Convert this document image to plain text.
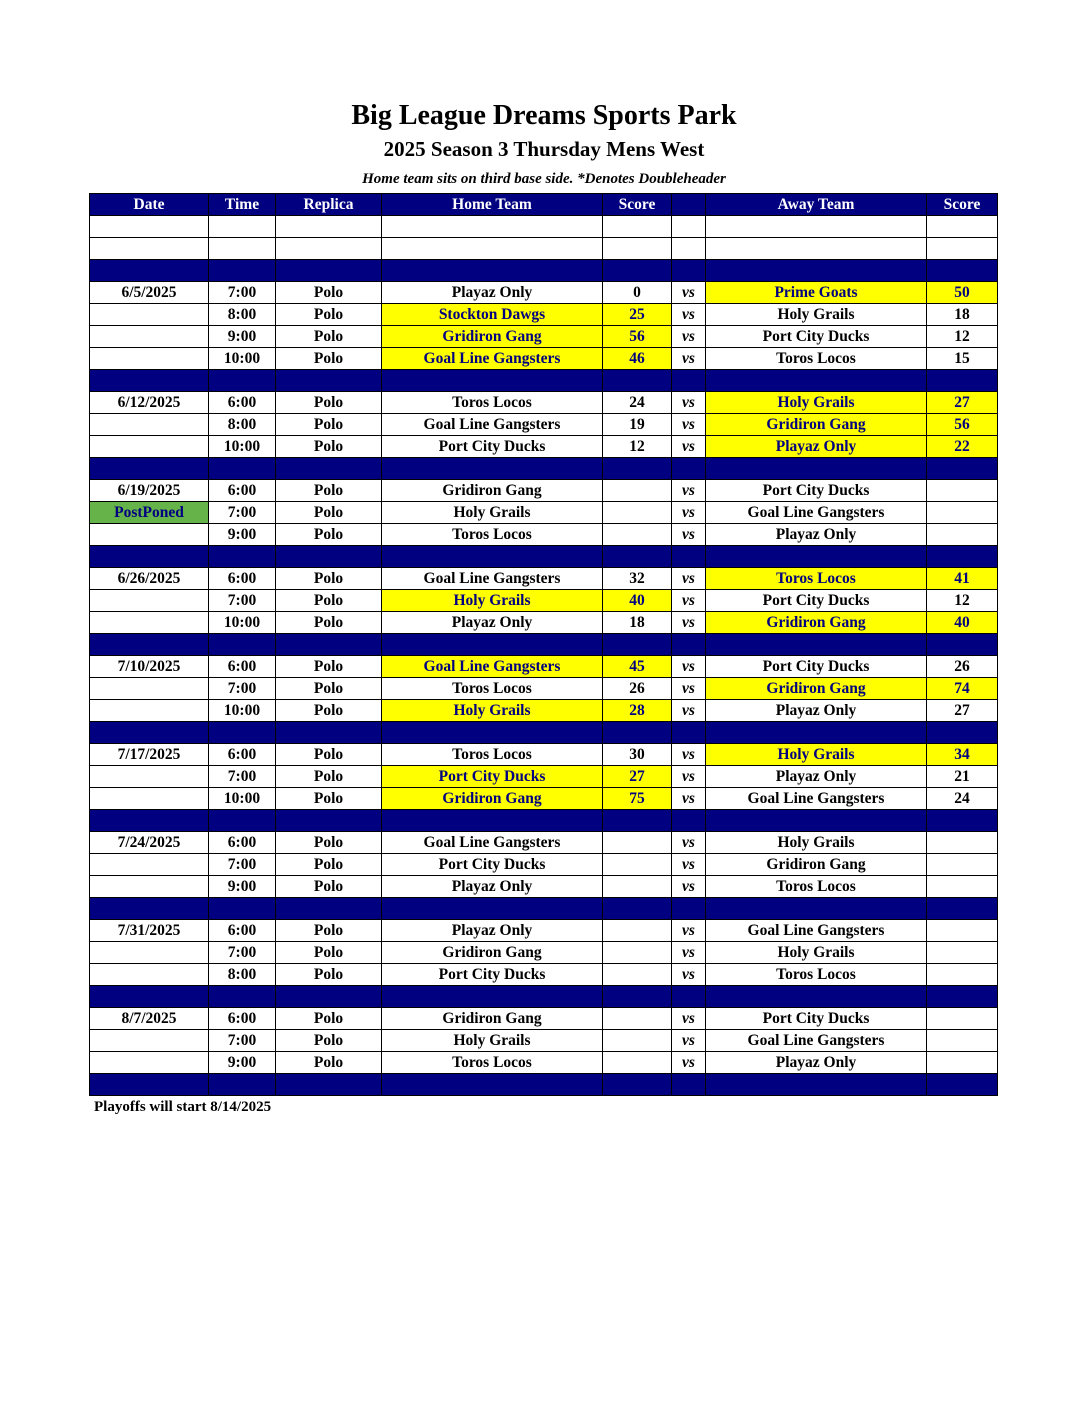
Big League Dreams Sports Park
2025 Season 3 Thursday Mens West
Home team sits on third base side. *Denotes Doubleheader
Date	Time	Replica	Home Team	Score		Away Team	Score

6/5/2025	7:00	Polo	Playaz Only	0	vs	Prime Goats	50
	8:00	Polo	Stockton Dawgs	25	vs	Holy Grails	18
	9:00	Polo	Gridiron Gang	56	vs	Port City Ducks	12
	10:00	Polo	Goal Line Gangsters	46	vs	Toros Locos	15

6/12/2025	6:00	Polo	Toros Locos	24	vs	Holy Grails	27
	8:00	Polo	Goal Line Gangsters	19	vs	Gridiron Gang	56
	10:00	Polo	Port City Ducks	12	vs	Playaz Only	22

6/19/2025	6:00	Polo	Gridiron Gang		vs	Port City Ducks	
PostPoned	7:00	Polo	Holy Grails		vs	Goal Line Gangsters	
	9:00	Polo	Toros Locos		vs	Playaz Only	

6/26/2025	6:00	Polo	Goal Line Gangsters	32	vs	Toros Locos	41
	7:00	Polo	Holy Grails	40	vs	Port City Ducks	12
	10:00	Polo	Playaz Only	18	vs	Gridiron Gang	40

7/10/2025	6:00	Polo	Goal Line Gangsters	45	vs	Port City Ducks	26
	7:00	Polo	Toros Locos	26	vs	Gridiron Gang	74
	10:00	Polo	Holy Grails	28	vs	Playaz Only	27

7/17/2025	6:00	Polo	Toros Locos	30	vs	Holy Grails	34
	7:00	Polo	Port City Ducks	27	vs	Playaz Only	21
	10:00	Polo	Gridiron Gang	75	vs	Goal Line Gangsters	24

7/24/2025	6:00	Polo	Goal Line Gangsters		vs	Holy Grails	
	7:00	Polo	Port City Ducks		vs	Gridiron Gang	
	9:00	Polo	Playaz Only		vs	Toros Locos	

7/31/2025	6:00	Polo	Playaz Only		vs	Goal Line Gangsters	
	7:00	Polo	Gridiron Gang		vs	Holy Grails	
	8:00	Polo	Port City Ducks		vs	Toros Locos	

8/7/2025	6:00	Polo	Gridiron Gang		vs	Port City Ducks	
	7:00	Polo	Holy Grails		vs	Goal Line Gangsters	
	9:00	Polo	Toros Locos		vs	Playaz Only	

Playoffs will start 8/14/2025
